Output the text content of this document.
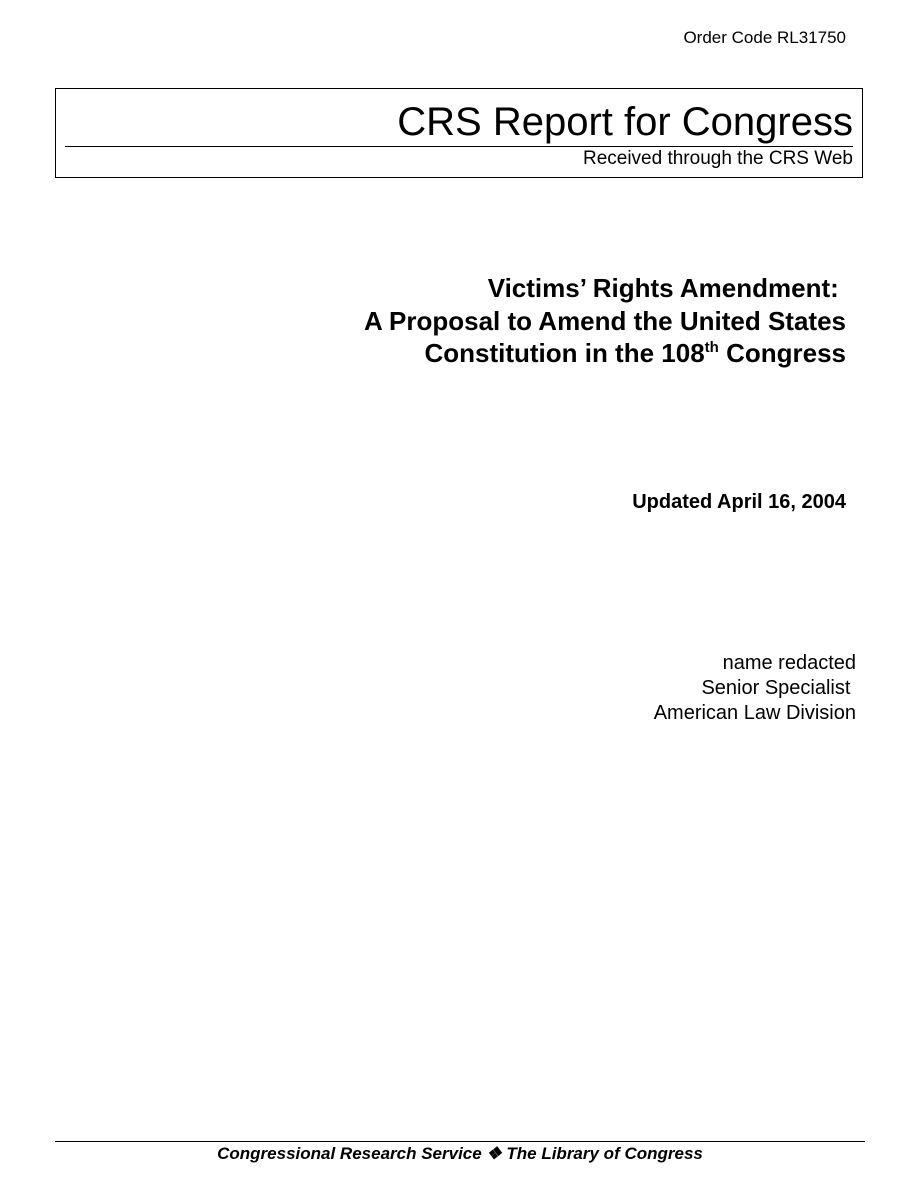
Order Code RL31750
CRS Report for Congress
Received through the CRS Web
Victims’ Rights Amendment:
A Proposal to Amend the United States
Constitution in the 108th Congress
Updated April 16, 2004
name redacted
Senior Specialist
American Law Division
Congressional Research Service ❖ The Library of Congress
